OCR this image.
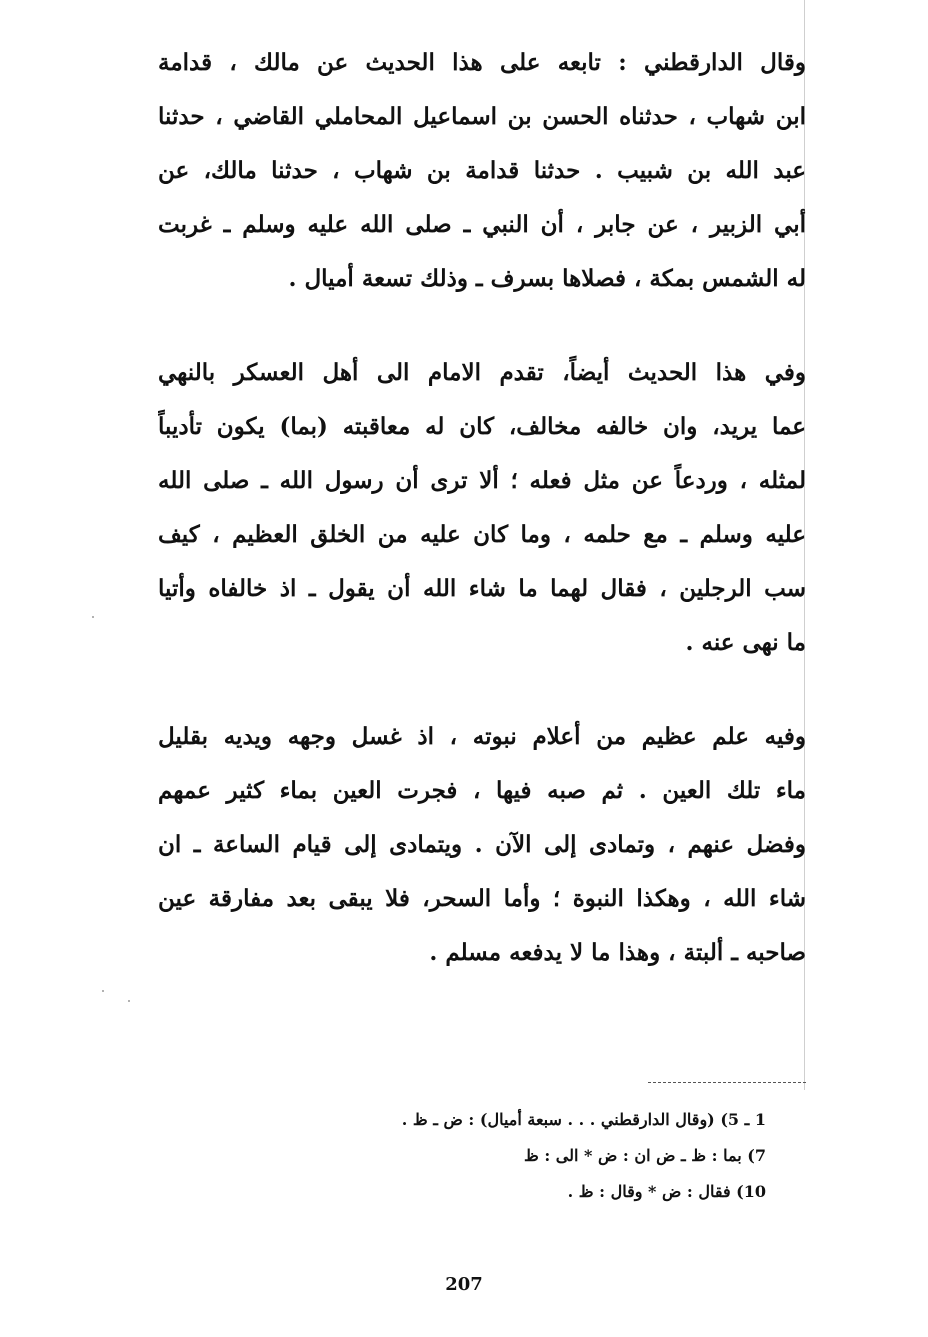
وقال الدارقطني : تابعه على هذا الحديث عن مالك ، قدامة
ابن شهاب ، حدثناه الحسن بن اسماعيل المحاملي القاضي ، حدثنا
عبد الله بن شبيب . حدثنا قدامة بن شهاب ، حدثنا مالك، عن
أبي الزبير ، عن جابر ، أن النبي ـ صلى الله عليه وسلم ـ غربت
له الشمس بمكة ، فصلاها بسرف ـ وذلك تسعة أميال .
وفي هذا الحديث أيضاً، تقدم الامام الى أهل العسكر بالنهي
عما يريد، وان خالفه مخالف، كان له معاقبته (بما) يكون تأديباً
لمثله ، وردعاً عن مثل فعله ؛ ألا ترى أن رسول الله ـ صلى الله
عليه وسلم ـ مع حلمه ، وما كان عليه من الخلق العظيم ، كيف
سب الرجلين ، فقال لهما ما شاء الله أن يقول ـ اذ خالفاه وأتيا
ما نهى عنه .
وفيه علم عظيم من أعلام نبوته ، اذ غسل وجهه ويديه بقليل
ماء تلك العين . ثم صبه فيها ، فجرت العين بماء كثير عمهم
وفضل عنهم ، وتمادى إلى الآن . ويتمادى إلى قيام الساعة ـ ان
شاء الله ، وهكذا النبوة ؛ وأما السحر، فلا يبقى بعد مفارقة عين
صاحبه ـ ألبتة ، وهذا ما لا يدفعه مسلم .
1 ـ 5) (وقال الدارقطني . . . سبعة أميال) : ض ـ ظ .
7) بما : ظ ـ ض ان : ض * الى : ظ
10) فقال : ض * وقال : ظ .
207
